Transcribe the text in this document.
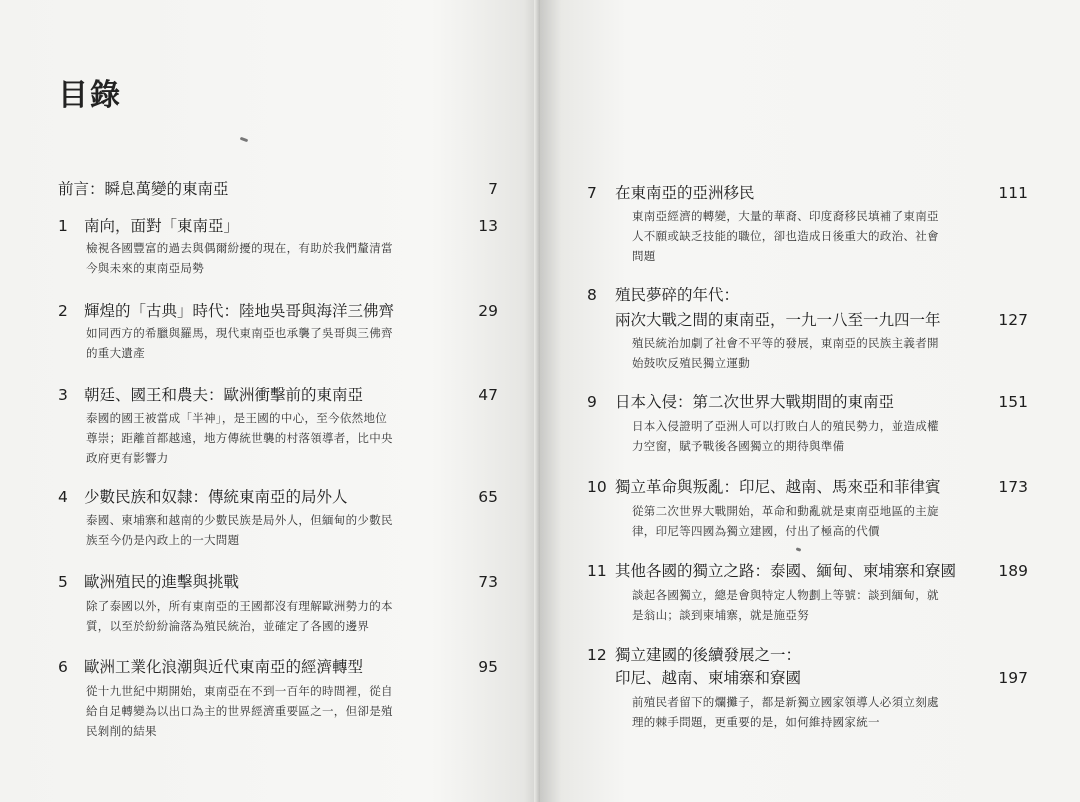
目錄
前言：瞬息萬變的東南亞	7
1 南向，面對「東南亞」	13

檢視各國豐富的過去與偶爾紛擾的現在，有助於我們釐清當
今與未來的東南亞局勢

2 輝煌的「古典」時代：陸地吳哥與海洋三佛齊	29

如同西方的希臘與羅馬，現代東南亞也承襲了吳哥與三佛齊
的重大遺產

3 朝廷、國王和農夫：歐洲衝擊前的東南亞	47

泰國的國王被當成「半神」，是王國的中心，至今依然地位
尊崇；距離首都越遠，地方傳統世襲的村落領導者，比中央
政府更有影響力

4 少數民族和奴隸：傳統東南亞的局外人	65

泰國、柬埔寨和越南的少數民族是局外人，但緬甸的少數民
族至今仍是內政上的一大問題

5 歐洲殖民的進擊與挑戰	73

除了泰國以外，所有東南亞的王國都沒有理解歐洲勢力的本
質，以至於紛紛淪落為殖民統治，並確定了各國的邊界

6 歐洲工業化浪潮與近代東南亞的經濟轉型	95

從十九世紀中期開始，東南亞在不到一百年的時間裡，從自
給自足轉變為以出口為主的世界經濟重要區之一，但卻是殖
民剝削的結果

7 在東南亞的亞洲移民	111

東南亞經濟的轉變，大量的華裔、印度裔移民填補了東南亞
人不願或缺乏技能的職位，卻也造成日後重大的政治、社會
問題

8 殖民夢碎的年代：
兩次大戰之間的東南亞，一九一八至一九四一年	127

殖民統治加劇了社會不平等的發展，東南亞的民族主義者開
始鼓吹反殖民獨立運動

9 日本入侵：第二次世界大戰期間的東南亞	151

日本入侵證明了亞洲人可以打敗白人的殖民勢力，並造成權
力空窗，賦予戰後各國獨立的期待與準備

10 獨立革命與叛亂：印尼、越南、馬來亞和菲律賓	173

從第二次世界大戰開始，革命和動亂就是東南亞地區的主旋
律，印尼等四國為獨立建國，付出了極高的代價

11 其他各國的獨立之路：泰國、緬甸、柬埔寨和寮國	189

談起各國獨立，總是會與特定人物劃上等號：談到緬甸，就
是翁山；談到柬埔寨，就是施亞努

12 獨立建國的後續發展之一：
印尼、越南、柬埔寨和寮國	197

前殖民者留下的爛攤子，都是新獨立國家領導人必須立刻處
理的棘手問題，更重要的是，如何維持國家統一
